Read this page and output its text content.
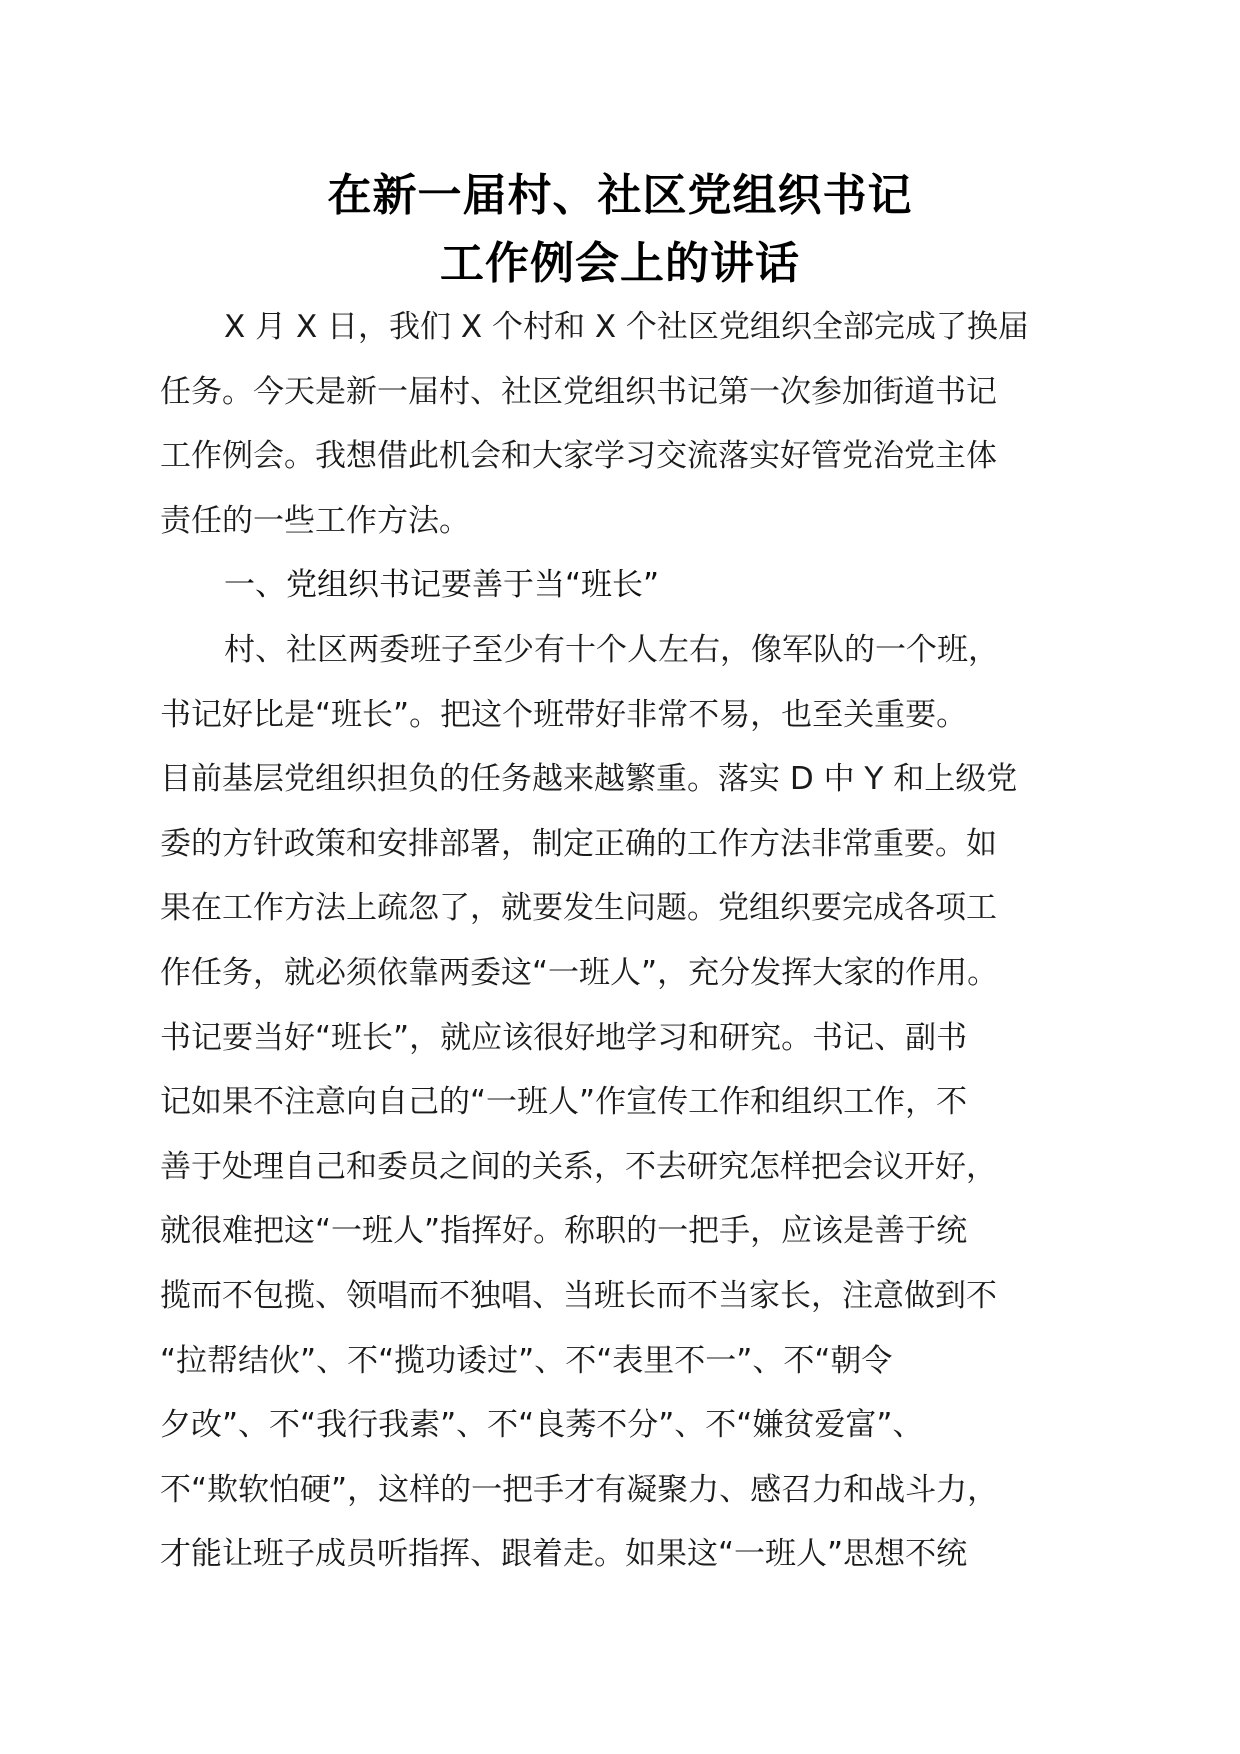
在新一届村、社区党组织书记
工作例会上的讲话
X 月 X 日，我们 X 个村和 X 个社区党组织全部完成了换届
任务。今天是新一届村、社区党组织书记第一次参加街道书记
工作例会。我想借此机会和大家学习交流落实好管党治党主体
责任的一些工作方法。
一、党组织书记要善于当“班长”
村、社区两委班子至少有十个人左右，像军队的一个班，
书记好比是“班长”。把这个班带好非常不易，也至关重要。
目前基层党组织担负的任务越来越繁重。落实 D 中 Y 和上级党
委的方针政策和安排部署，制定正确的工作方法非常重要。如
果在工作方法上疏忽了，就要发生问题。党组织要完成各项工
作任务，就必须依靠两委这“一班人”，充分发挥大家的作用。
书记要当好“班长”，就应该很好地学习和研究。书记、副书
记如果不注意向自己的“一班人”作宣传工作和组织工作，不
善于处理自己和委员之间的关系，不去研究怎样把会议开好，
就很难把这“一班人”指挥好。称职的一把手，应该是善于统
揽而不包揽、领唱而不独唱、当班长而不当家长，注意做到不
“拉帮结伙”、不“揽功诿过”、不“表里不一”、不“朝令
夕改”、不“我行我素”、不“良莠不分”、不“嫌贫爱富”、
不“欺软怕硬”，这样的一把手才有凝聚力、感召力和战斗力，
才能让班子成员听指挥、跟着走。如果这“一班人”思想不统
